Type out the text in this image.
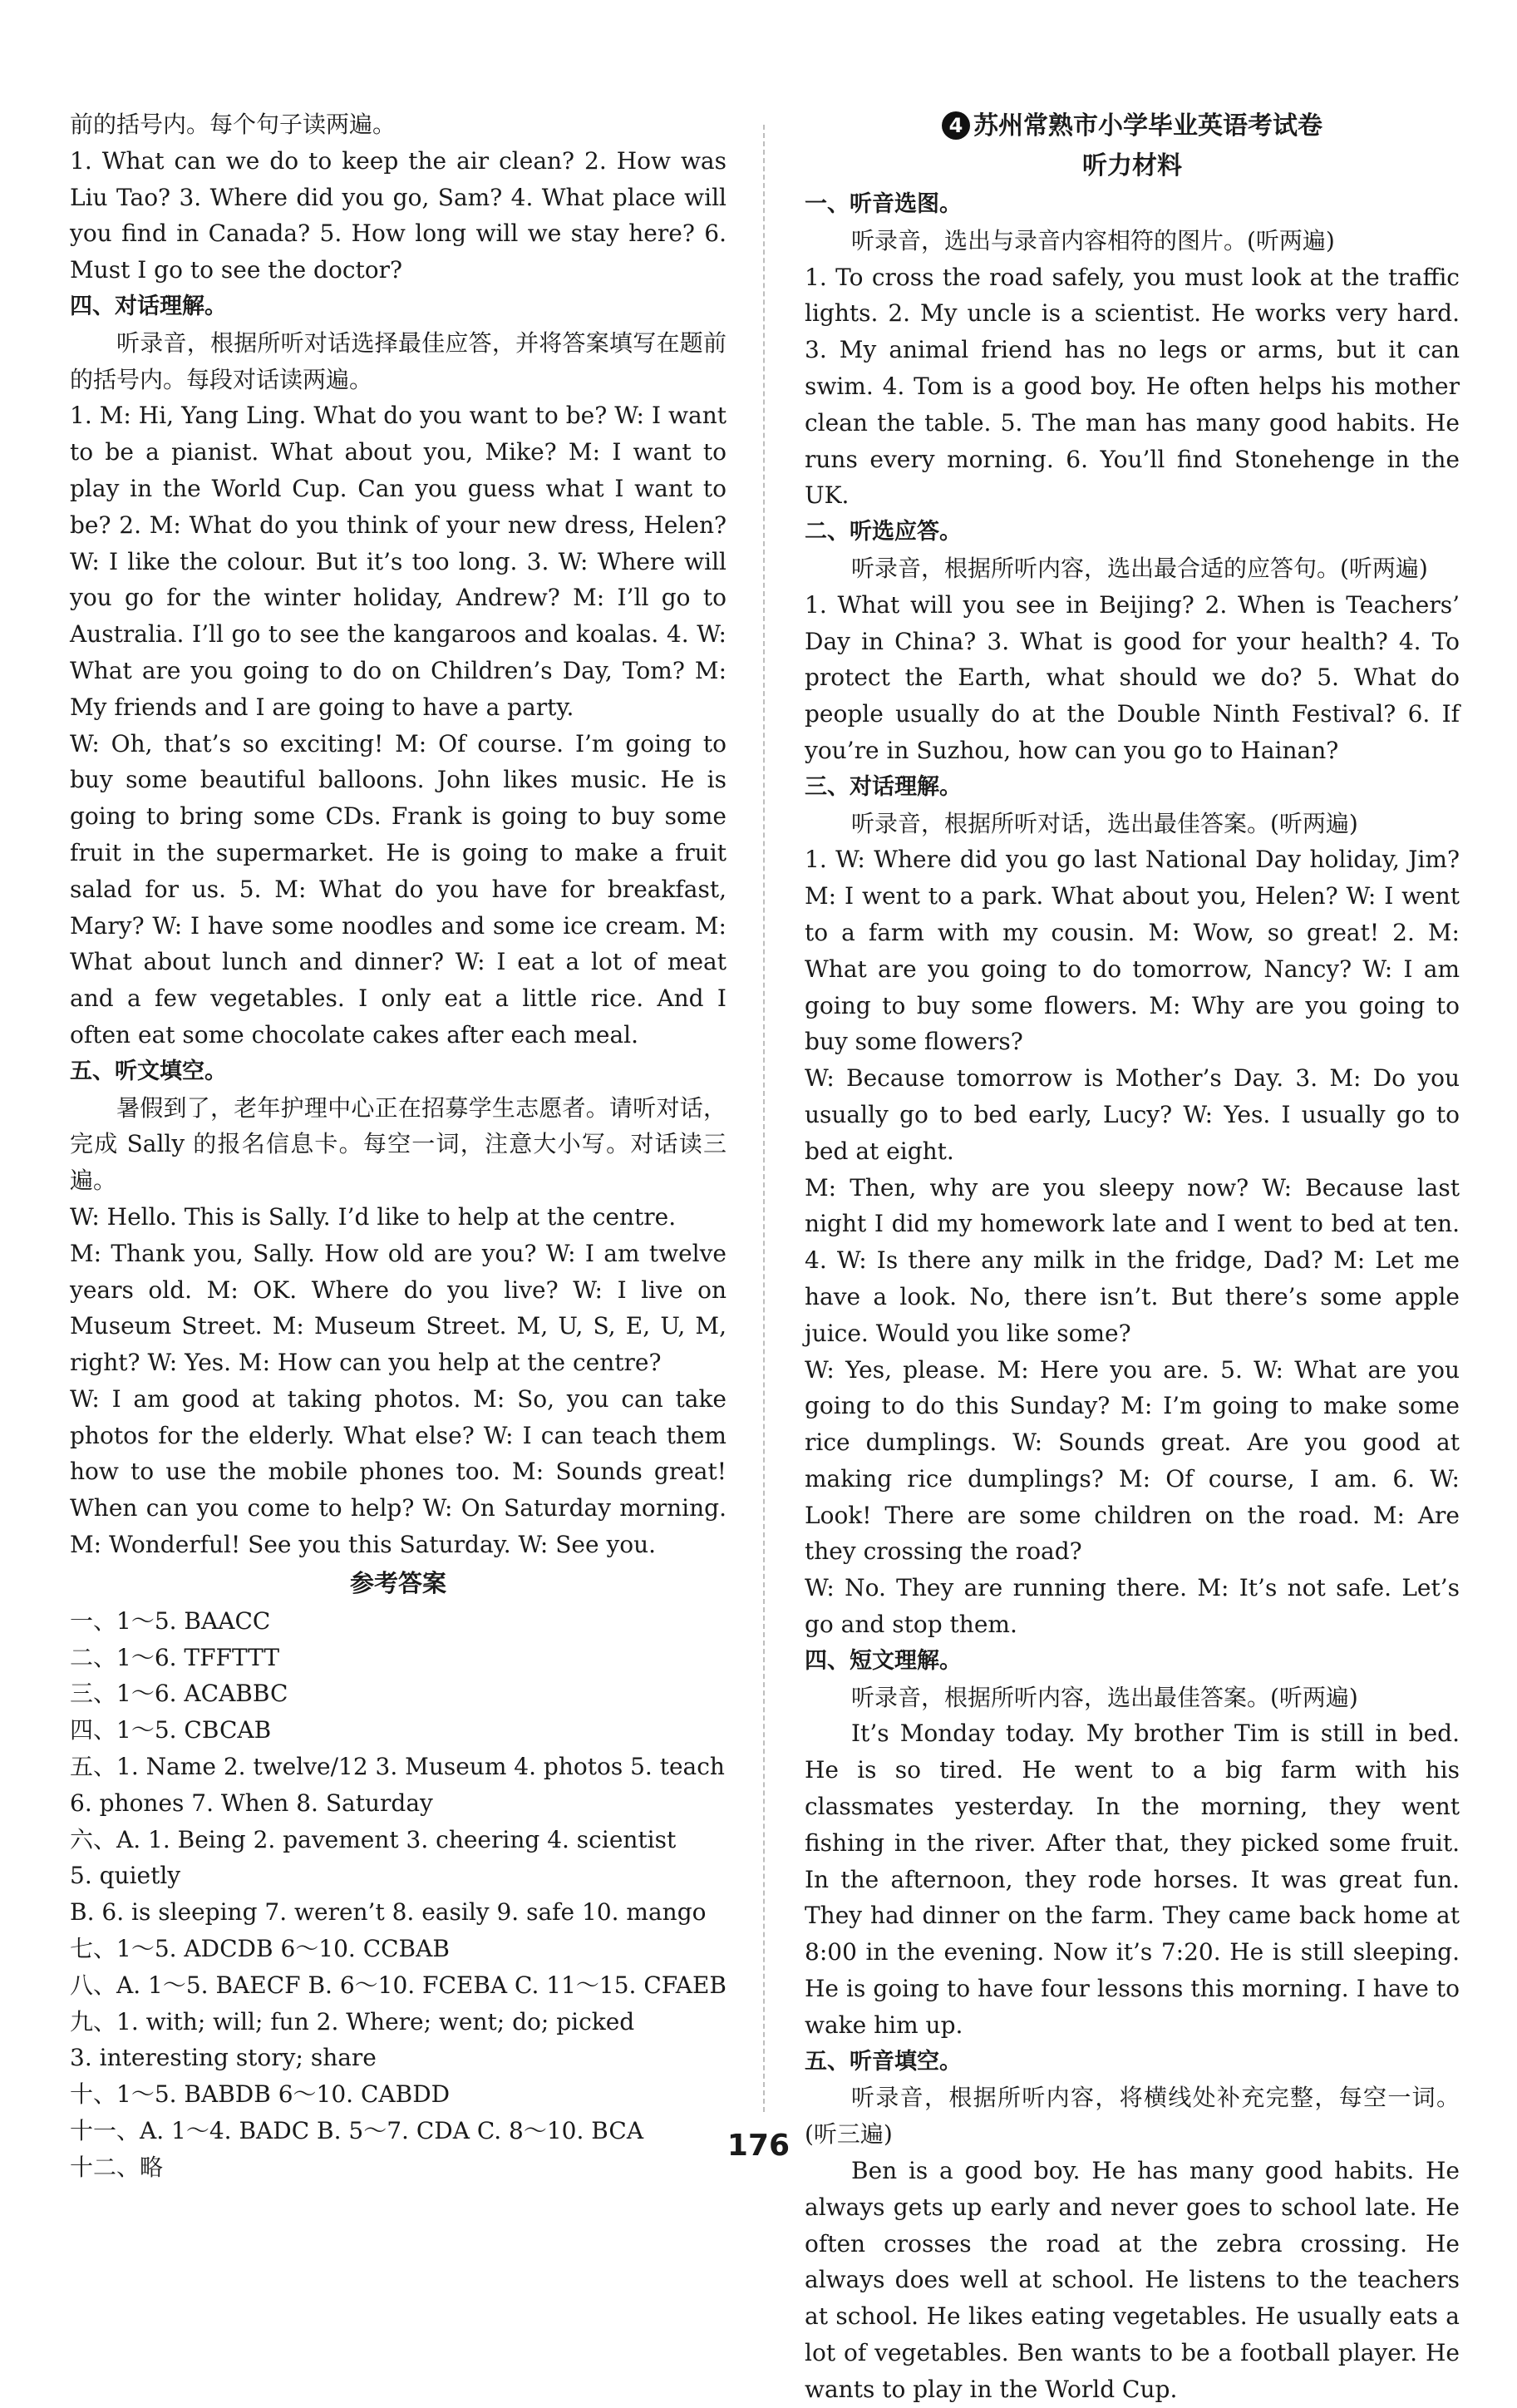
前的括号内。每个句子读两遍。

1. What can we do to keep the air clean? 2. How was Liu Tao? 3. Where did you go, Sam? 4. What place will you find in Canada? 5. How long will we stay here? 6. Must I go to see the doctor?

四、对话理解。

听录音，根据所听对话选择最佳应答，并将答案填写在题前的括号内。每段对话读两遍。

1. M: Hi, Yang Ling. What do you want to be? W: I want to be a pianist. What about you, Mike? M: I want to play in the World Cup. Can you guess what I want to be? 2. M: What do you think of your new dress, Helen? W: I like the colour. But it’s too long. 3. W: Where will you go for the winter holiday, Andrew? M: I’ll go to Australia. I’ll go to see the kangaroos and koalas. 4. W: What are you going to do on Children’s Day, Tom? M: My friends and I are going to have a party.

W: Oh, that’s so exciting! M: Of course. I’m going to buy some beautiful balloons. John likes music. He is going to bring some CDs. Frank is going to buy some fruit in the supermarket. He is going to make a fruit salad for us. 5. M: What do you have for breakfast, Mary? W: I have some noodles and some ice cream. M: What about lunch and dinner? W: I eat a lot of meat and a few vegetables. I only eat a little rice. And I often eat some chocolate cakes after each meal.

五、听文填空。

暑假到了，老年护理中心正在招募学生志愿者。请听对话，完成 Sally 的报名信息卡。每空一词，注意大小写。对话读三遍。

W: Hello. This is Sally. I’d like to help at the centre.

M: Thank you, Sally. How old are you? W: I am twelve years old. M: OK. Where do you live? W: I live on Museum Street. M: Museum Street. M, U, S, E, U, M, right? W: Yes. M: How can you help at the centre?

W: I am good at taking photos. M: So, you can take photos for the elderly. What else? W: I can teach them how to use the mobile phones too. M: Sounds great! When can you come to help? W: On Saturday morning. M: Wonderful! See you this Saturday. W: See you.

参考答案

一、1～5. BAACC

二、1～6. TFFTTT

三、1～6. ACABBC

四、1～5. CBCAB

五、1. Name 2. twelve/12 3. Museum 4. photos 5. teach

6. phones 7. When 8. Saturday

六、A. 1. Being 2. pavement 3. cheering 4. scientist

5. quietly

B. 6. is sleeping 7. weren’t 8. easily 9. safe 10. mango

七、1～5. ADCDB 6～10. CCBAB

八、A. 1～5. BAECF B. 6～10. FCEBA C. 11～15. CFAEB

九、1. with; will; fun 2. Where; went; do; picked

3. interesting story; share

十、1～5. BABDB 6～10. CABDD

十一、A. 1～4. BADC B. 5～7. CDA C. 8～10. BCA

十二、略

4 苏州常熟市小学毕业英语考试卷

听力材料

一、听音选图。

听录音，选出与录音内容相符的图片。(听两遍)

1. To cross the road safely, you must look at the traffic lights. 2. My uncle is a scientist. He works very hard. 3. My animal friend has no legs or arms, but it can swim. 4. Tom is a good boy. He often helps his mother clean the table. 5. The man has many good habits. He runs every morning. 6. You’ll find Stonehenge in the UK.

二、听选应答。

听录音，根据所听内容，选出最合适的应答句。(听两遍)

1. What will you see in Beijing? 2. When is Teachers’ Day in China? 3. What is good for your health? 4. To protect the Earth, what should we do? 5. What do people usually do at the Double Ninth Festival? 6. If you’re in Suzhou, how can you go to Hainan?

三、对话理解。

听录音，根据所听对话，选出最佳答案。(听两遍)

1. W: Where did you go last National Day holiday, Jim? M: I went to a park. What about you, Helen? W: I went to a farm with my cousin. M: Wow, so great! 2. M: What are you going to do tomorrow, Nancy? W: I am going to buy some flowers. M: Why are you going to buy some flowers?

W: Because tomorrow is Mother’s Day. 3. M: Do you usually go to bed early, Lucy? W: Yes. I usually go to bed at eight.

M: Then, why are you sleepy now? W: Because last night I did my homework late and I went to bed at ten. 4. W: Is there any milk in the fridge, Dad? M: Let me have a look. No, there isn’t. But there’s some apple juice. Would you like some?

W: Yes, please. M: Here you are. 5. W: What are you going to do this Sunday? M: I’m going to make some rice dumplings. W: Sounds great. Are you good at making rice dumplings? M: Of course, I am. 6. W: Look! There are some children on the road. M: Are they crossing the road?

W: No. They are running there. M: It’s not safe. Let’s go and stop them.

四、短文理解。

听录音，根据所听内容，选出最佳答案。(听两遍)

It’s Monday today. My brother Tim is still in bed. He is so tired. He went to a big farm with his classmates yesterday. In the morning, they went fishing in the river. After that, they picked some fruit. In the afternoon, they rode horses. It was great fun. They had dinner on the farm. They came back home at 8:00 in the evening. Now it’s 7:20. He is still sleeping. He is going to have four lessons this morning. I have to wake him up.

五、听音填空。

听录音，根据所听内容，将横线处补充完整，每空一词。(听三遍)

Ben is a good boy. He has many good habits. He always gets up early and never goes to school late. He often crosses the road at the zebra crossing. He always does well at school. He listens to the teachers at school. He likes eating vegetables. He usually eats a lot of vegetables. Ben wants to be a football player. He wants to play in the World Cup.

176
